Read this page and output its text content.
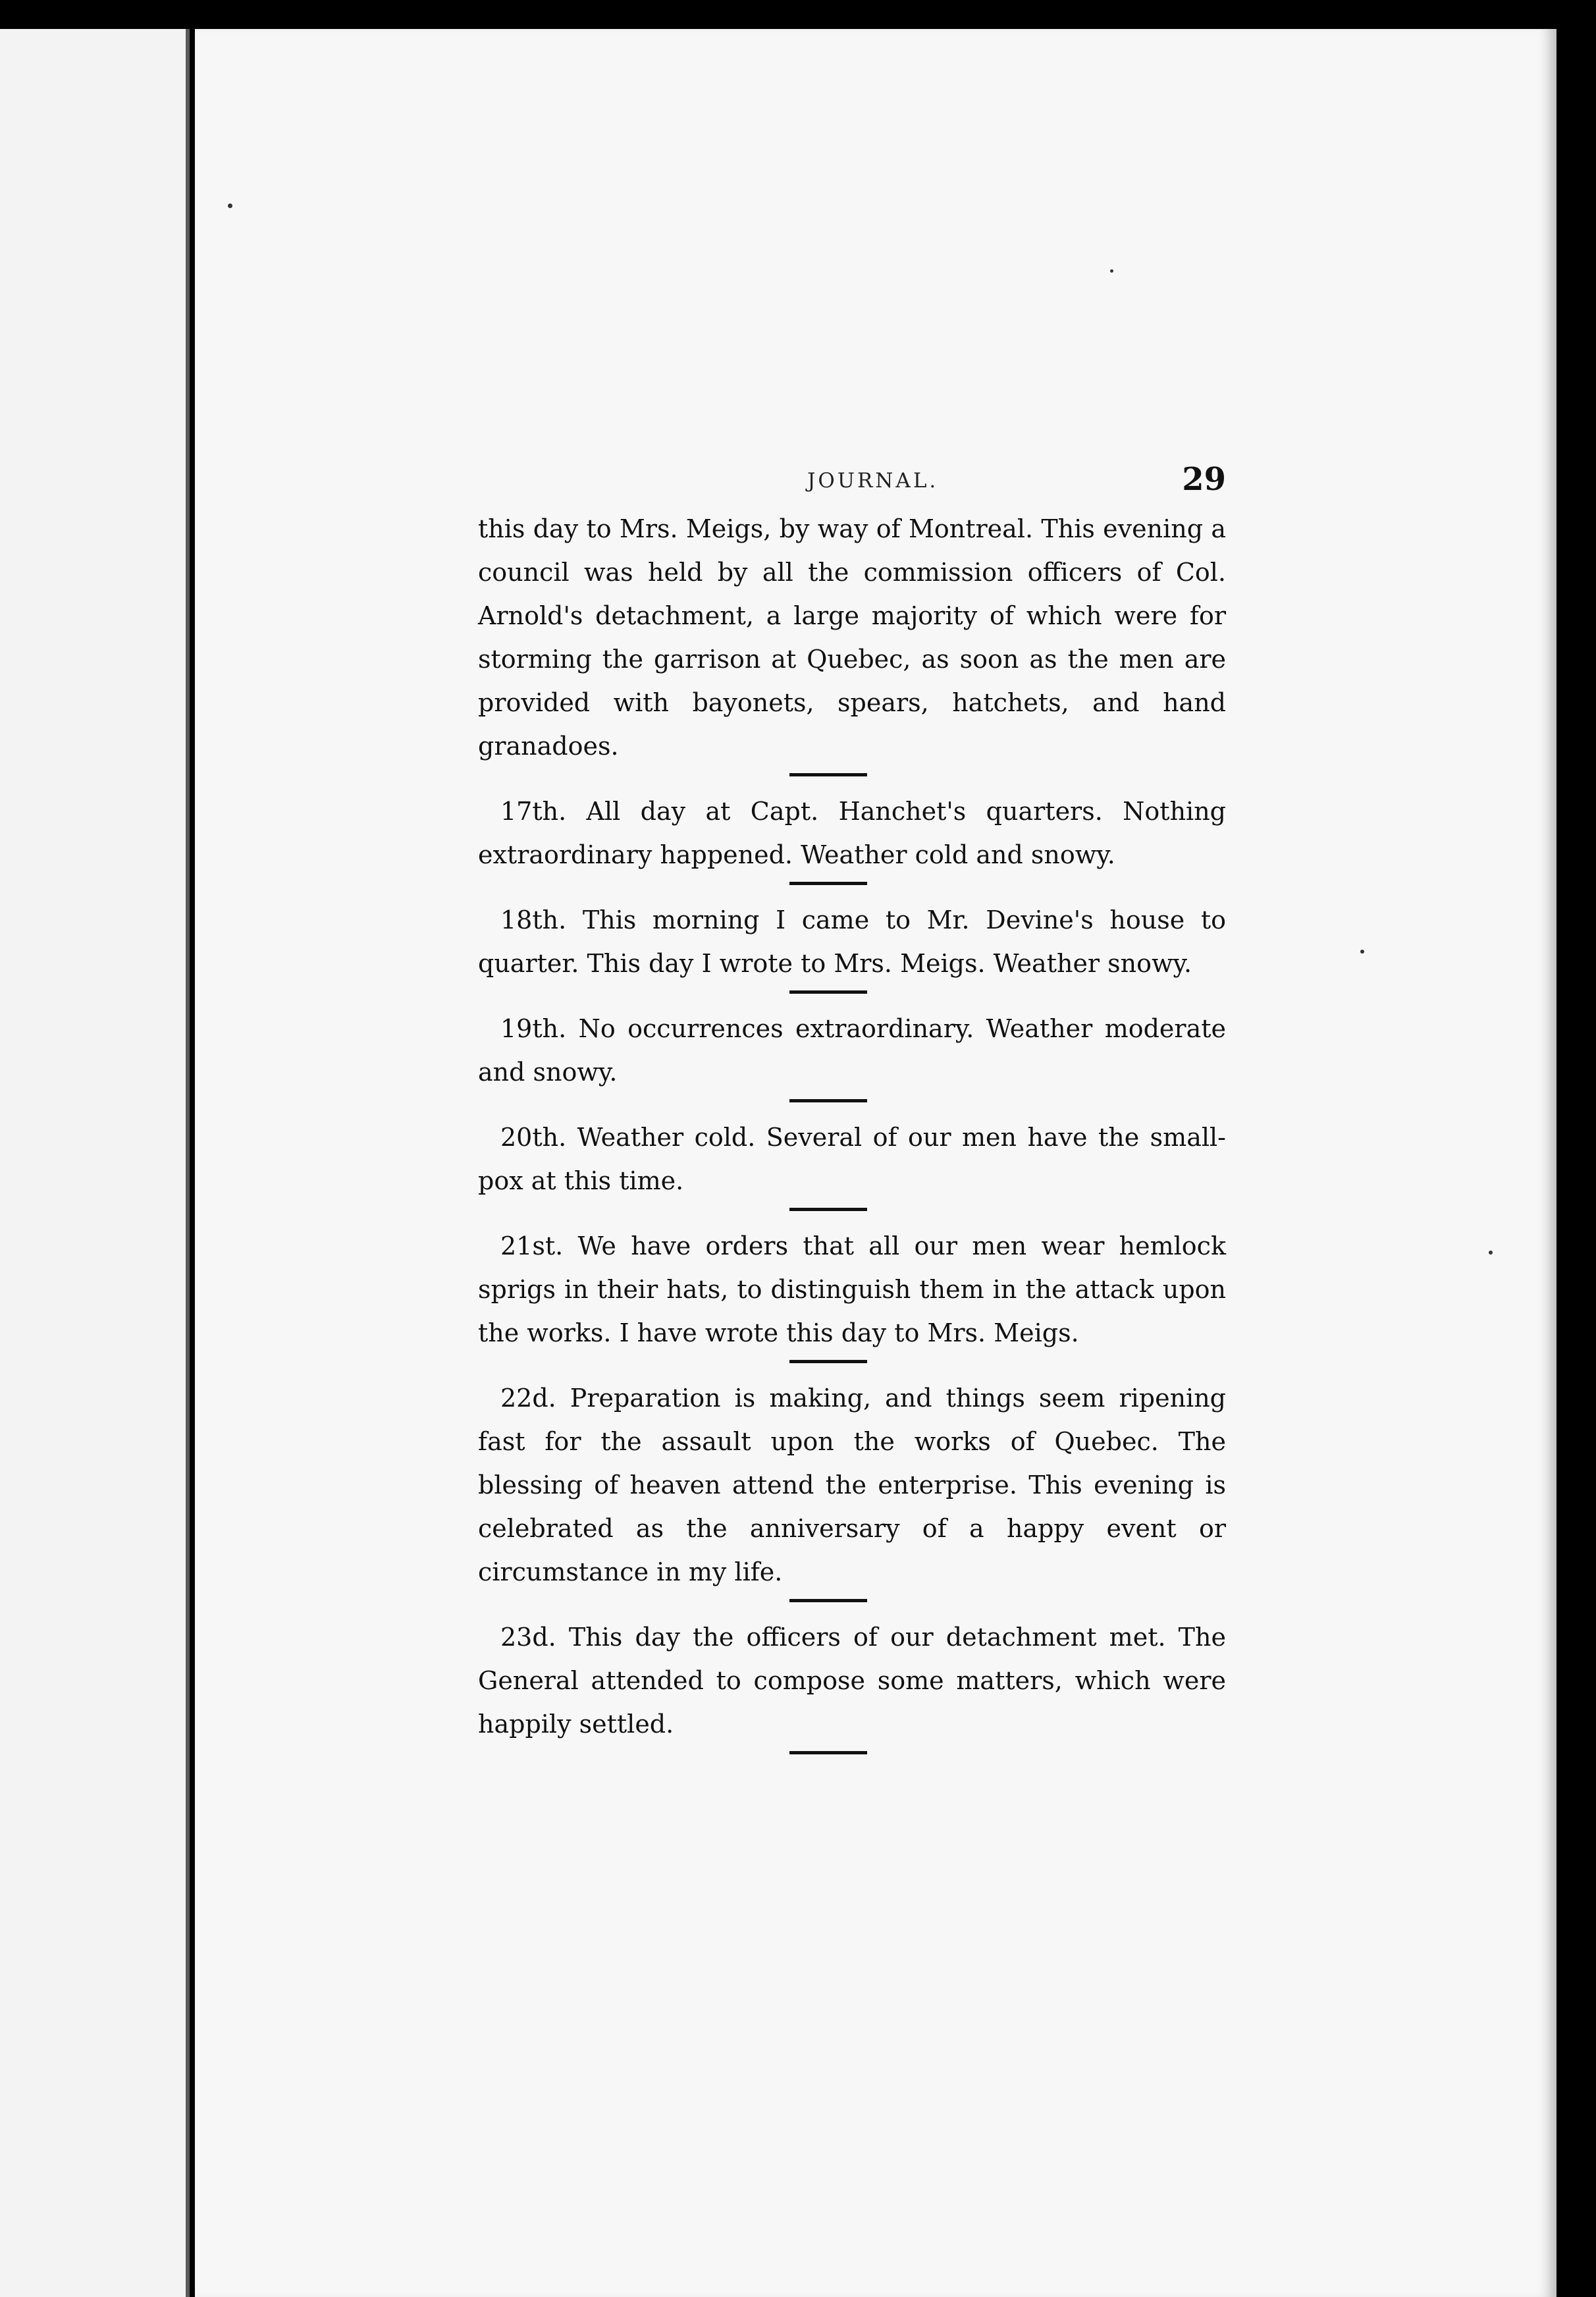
JOURNAL.	29

this day to Mrs. Meigs, by way of Montreal. This evening a council was held by all the commission officers of Col. Arnold's detachment, a large majority of which were for storming the garrison at Quebec, as soon as the men are provided with bayonets, spears, hatchets, and hand granadoes.

17th. All day at Capt. Hanchet's quarters. Nothing extraordinary happened. Weather cold and snowy.

18th. This morning I came to Mr. Devine's house to quarter. This day I wrote to Mrs. Meigs. Weather snowy.

19th. No occurrences extraordinary. Weather moderate and snowy.

20th. Weather cold. Several of our men have the small-pox at this time.

21st. We have orders that all our men wear hemlock sprigs in their hats, to distinguish them in the attack upon the works. I have wrote this day to Mrs. Meigs.

22d. Preparation is making, and things seem ripening fast for the assault upon the works of Quebec. The blessing of heaven attend the enterprise. This evening is celebrated as the anniversary of a happy event or circumstance in my life.

23d. This day the officers of our detachment met. The General attended to compose some matters, which were happily settled.
